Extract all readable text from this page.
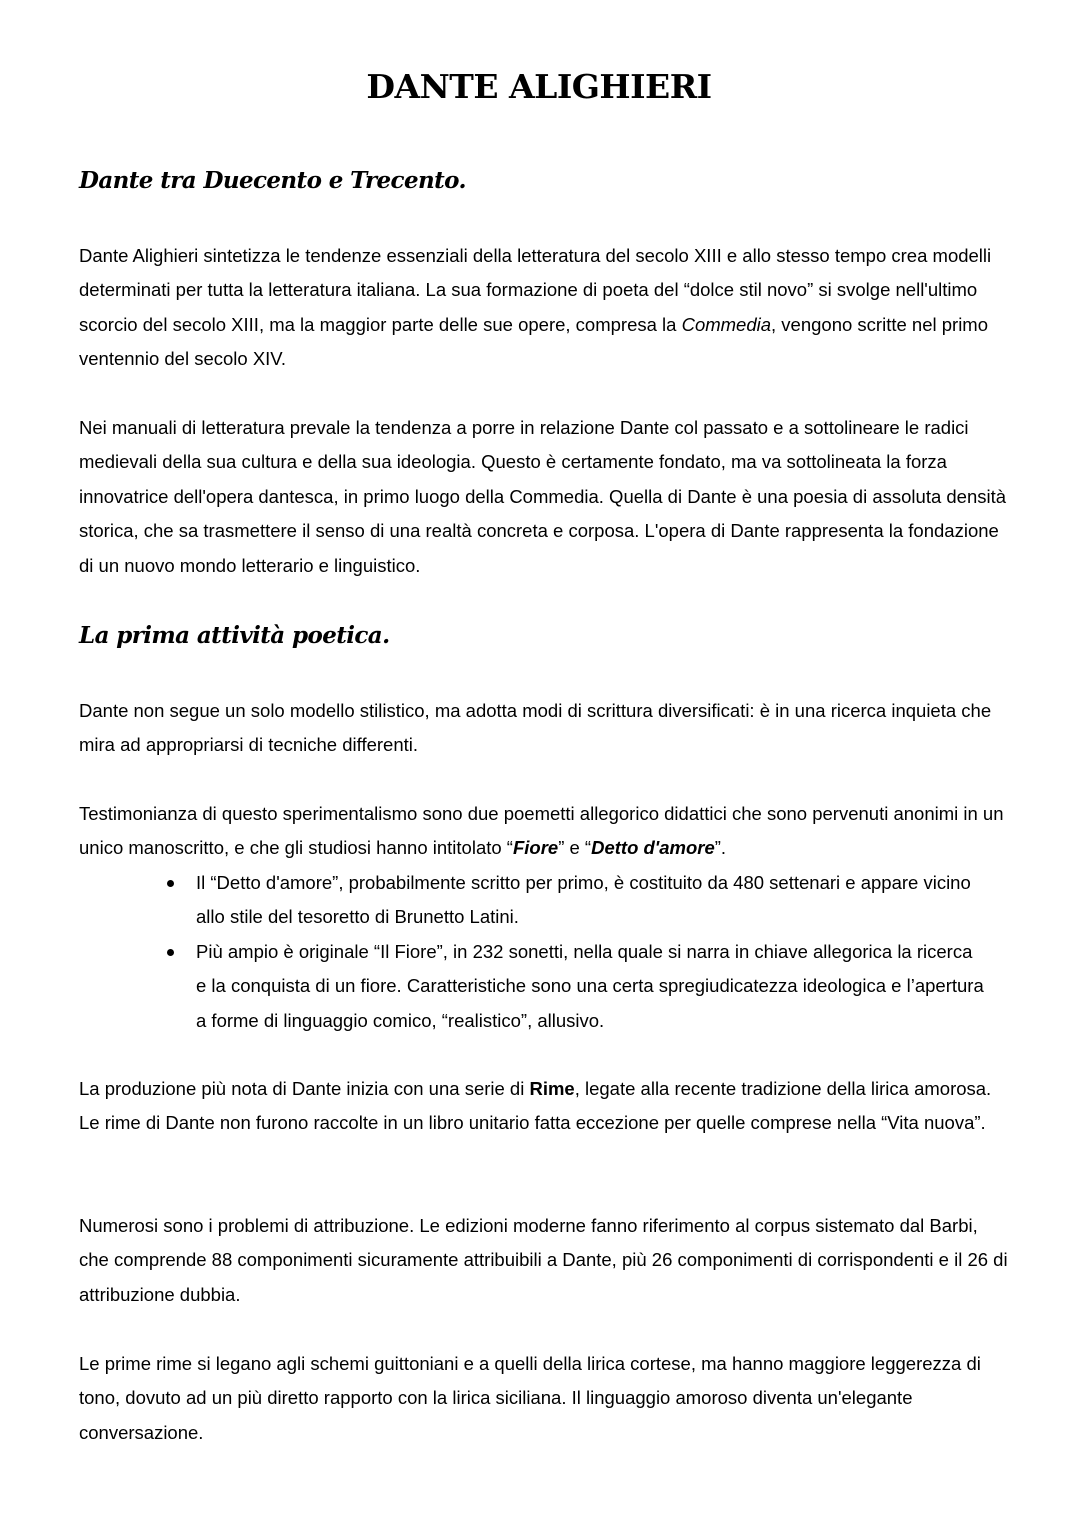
DANTE ALIGHIERI
Dante tra Duecento e Trecento.

Dante Alighieri sintetizza le tendenze essenziali della letteratura del secolo XIII e allo stesso tempo crea modelli determinati per tutta la letteratura italiana. La sua formazione di poeta del “dolce stil novo” si svolge nell'ultimo scorcio del secolo XIII, ma la maggior parte delle sue opere, compresa la Commedia, vengono scritte nel primo ventennio del secolo XIV.

Nei manuali di letteratura prevale la tendenza a porre in relazione Dante col passato e a sottolineare le radici medievali della sua cultura e della sua ideologia. Questo è certamente fondato, ma va sottolineata la forza innovatrice dell'opera dantesca, in primo luogo della Commedia. Quella di Dante è una poesia di assoluta densità storica, che sa trasmettere il senso di una realtà concreta e corposa. L'opera di Dante rappresenta la fondazione di un nuovo mondo letterario e linguistico.

La prima attività poetica.

Dante non segue un solo modello stilistico, ma adotta modi di scrittura diversificati: è in una ricerca inquieta che mira ad appropriarsi di tecniche differenti.

Testimonianza di questo sperimentalismo sono due poemetti allegorico didattici che sono pervenuti anonimi in un unico manoscritto, e che gli studiosi hanno intitolato “Fiore” e “Detto d'amore”.

Il “Detto d'amore”, probabilmente scritto per primo, è costituito da 480 settenari e appare vicino allo stile del tesoretto di Brunetto Latini.
Più ampio è originale “Il Fiore”, in 232 sonetti, nella quale si narra in chiave allegorica la ricerca e la conquista di un fiore. Caratteristiche sono una certa spregiudicatezza ideologica e l’apertura a forme di linguaggio comico, “realistico”, allusivo.

La produzione più nota di Dante inizia con una serie di Rime, legate alla recente tradizione della lirica amorosa. Le rime di Dante non furono raccolte in un libro unitario fatta eccezione per quelle comprese nella “Vita nuova”.

Numerosi sono i problemi di attribuzione. Le edizioni moderne fanno riferimento al corpus sistemato dal Barbi, che comprende 88 componimenti sicuramente attribuibili a Dante, più 26 componimenti di corrispondenti e il 26 di attribuzione dubbia.

Le prime rime si legano agli schemi guittoniani e a quelli della lirica cortese, ma hanno maggiore leggerezza di tono, dovuto ad un più diretto rapporto con la lirica siciliana. Il linguaggio amoroso diventa un'elegante conversazione.
